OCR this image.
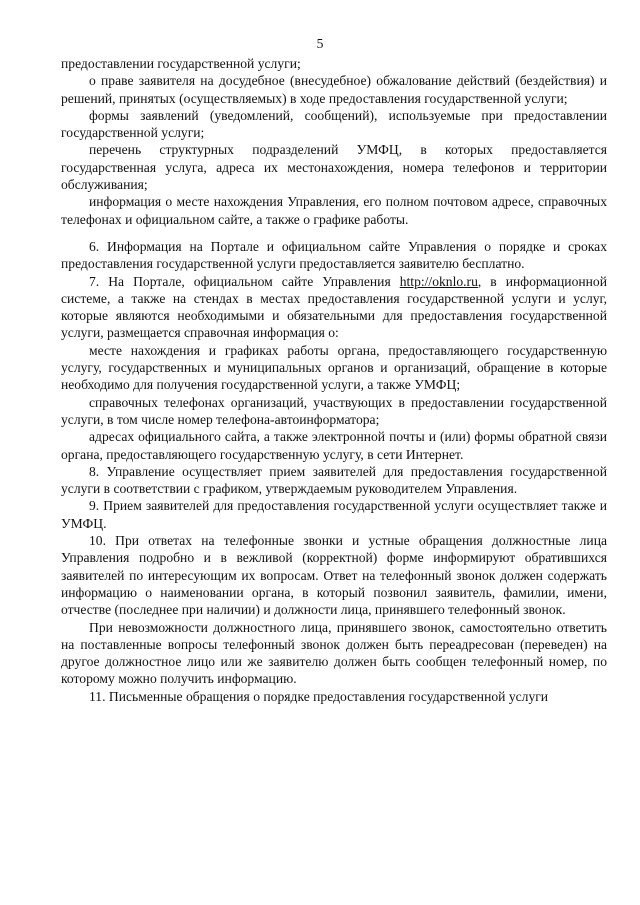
5

предоставлении государственной услуги;

о праве заявителя на досудебное (внесудебное) обжалование действий (бездействия) и решений, принятых (осуществляемых) в ходе предоставления государственной услуги;

формы заявлений (уведомлений, сообщений), используемые при предоставлении государственной услуги;

перечень структурных подразделений УМФЦ, в которых предоставляется государственная услуга, адреса их местонахождения, номера телефонов и территории обслуживания;

информация о месте нахождения Управления, его полном почтовом адресе, справочных телефонах и официальном сайте, а также о графике работы.

6. Информация на Портале и официальном сайте Управления о порядке и сроках предоставления государственной услуги предоставляется заявителю бесплатно.

7. На Портале, официальном сайте Управления http://oknlo.ru, в информационной системе, а также на стендах в местах предоставления государственной услуги и услуг, которые являются необходимыми и обязательными для предоставления государственной услуги, размещается справочная информация о:

месте нахождения и графиках работы органа, предоставляющего государственную услугу, государственных и муниципальных органов и организаций, обращение в которые необходимо для получения государственной услуги, а также УМФЦ;

справочных телефонах организаций, участвующих в предоставлении государственной услуги, в том числе номер телефона-автоинформатора;

адресах официального сайта, а также электронной почты и (или) формы обратной связи органа, предоставляющего государственную услугу, в сети Интернет.

8. Управление осуществляет прием заявителей для предоставления государственной услуги в соответствии с графиком, утверждаемым руководителем Управления.

9. Прием заявителей для предоставления государственной услуги осуществляет также и УМФЦ.

10. При ответах на телефонные звонки и устные обращения должностные лица Управления подробно и в вежливой (корректной) форме информируют обратившихся заявителей по интересующим их вопросам. Ответ на телефонный звонок должен содержать информацию о наименовании органа, в который позвонил заявитель, фамилии, имени, отчестве (последнее при наличии) и должности лица, принявшего телефонный звонок.

При невозможности должностного лица, принявшего звонок, самостоятельно ответить на поставленные вопросы телефонный звонок должен быть переадресован (переведен) на другое должностное лицо или же заявителю должен быть сообщен телефонный номер, по которому можно получить информацию.

11. Письменные обращения о порядке предоставления государственной услуги
